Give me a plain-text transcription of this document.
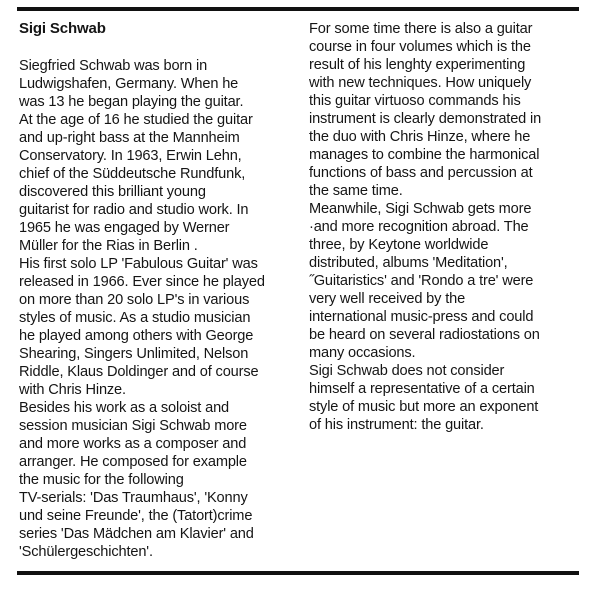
Sigi Schwab
Siegfried Schwab was born in
Ludwigshafen, Germany. When he
was 13 he began playing the guitar.
At the age of 16 he studied the guitar
and up-right bass at the Mannheim
Conservatory. In 1963, Erwin Lehn,
chief of the Süddeutsche Rundfunk,
discovered this brilliant young
guitarist for radio and studio work. In
1965 he was engaged by Werner
Müller for the Rias in Berlin .
His first solo LP 'Fabulous Guitar' was
released in 1966. Ever since he played
on more than 20 solo LP's in various
styles of music. As a studio musician
he played among others with George
Shearing, Singers Unlimited, Nelson
Riddle, Klaus Doldinger and of course
with Chris Hinze.
Besides his work as a soloist and
session musician Sigi Schwab more
and more works as a composer and
arranger. He composed for example
the music for the following
TV-serials: 'Das Traumhaus', 'Konny
und seine Freunde', the (Tatort)crime
series 'Das Mädchen am Klavier' and
'Schülergeschichten'.
For some time there is also a guitar
course in four volumes which is the
result of his lenghty experimenting
with new techniques. How uniquely
this guitar virtuoso commands his
instrument is clearly demonstrated in
the duo with Chris Hinze, where he
manages to combine the harmonical
functions of bass and percussion at
the same time.
Meanwhile, Sigi Schwab gets more
·and more recognition abroad. The
three, by Keytone worldwide
distributed, albums 'Meditation',
˝Guitaristics' and 'Rondo a tre' were
very well received by the
international music-press and could
be heard on several radiostations on
many occasions.
Sigi Schwab does not consider
himself a representative of a certain
style of music but more an exponent
of his instrument: the guitar.
